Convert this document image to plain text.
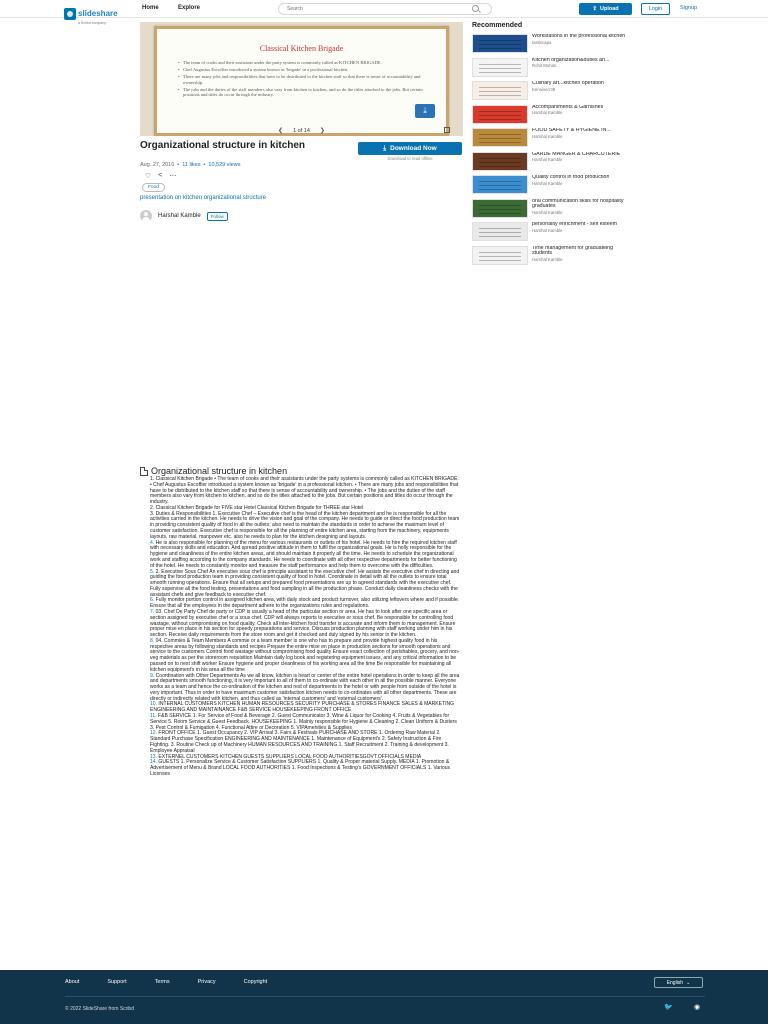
slideshare
a Scribd company
Home	Explore
Search	⇪ Upload	Login	Signup
Classical Kitchen Brigade
• The team of cooks and their assistants under the party system is commonly called as KITCHEN BRIGADE.
• Chef Augustus Escoffier introduced a system known as 'brigade' in a professional kitchen.
• There are many jobs and responsibilities that have to be distributed to the kitchen staff so that there is sense of accountability and ownership.
• The jobs and the duties of the staff members also vary from kitchen to kitchen, and so do the titles attached to the jobs. But certain positions and titles do occur through the industry.
⤓
❮ 1 of 14 ❯
Organizational structure in kitchen
Aug. 27, 2016 • 11 likes • 10,529 views
⤓ Download Now
Download to read offline
♡ < ⋯
Food
presentation on kitchen organizational structure
Harshal Kamble	Follow
Recommended
Workstations in the professional kitchen
tastiscapa
Kitchen organization&duties an...
Rohit Mohan
Culinary art...kitchen operation
Kenniverr39
Accompaniments & Garnishes
Harshal Kamble
FOOD SAFETY & HYGIENE IN...
Harshal Kamble
GARDE MANGER & CHARCUTERIE
Harshal Kamble
Quality control in food production
Harshal Kamble
oral communication skills for hospitality graduates
Harshal Kamble
personality enrichment - self esteem
Harshal Kamble
Time management for graduateing students
Harshal Kamble
Organizational structure in kitchen

1. Classical Kitchen Brigade • The team of cooks and their assistants under the party systems is commonly called as KITCHEN BRIGADE. • Chef Augustus Escoffier introduced a system known as 'brigade' in a professional kitchen. • There are many jobs and responsibilities that have to be distributed to the kitchen staff so that there is sense of accountability and ownership. • The jobs and the duties of the staff members also vary from kitchen to kitchen, and so do the titles attached to the jobs. But certain positions and titles do occur through the industry.

2. Classical Kitchen Brigade for FIVE star Hotel Classical Kitchen Brigade for THREE star Hotel

3. Duties & Responsibilities 1. Executive Chef – Executive chef is the head of the kitchen department and he is responsible for all the activities carried in the kitchen. He needs to drive the vision and goal of the company. He needs to guide or direct the food production team in providing consistent quality of food in all the outlets; also need to maintain the standards in order to achieve the maximum level of customer satisfaction. Executive chef is responsible for all the planning of entire kitchen area, starting from the machinery, equipments layouts, raw material, manpower etc. also he needs to plan for the kitchen designing and layouts.

4. He is also responsible for planning of the menu for various restaurants or outlets of his hotel. He needs to hire the required kitchen staff with necessary skills and education. And spread positive attitude in them to fulfil the organizational goals. He is holly responsible for the hygiene and cleanliness of the entire kitchen areas, and should maintain it properly all the time. He needs to schedule the organizational work and staffing according to the company standards. He needs to coordinate with all other respective departments for better functioning of the hotel. He needs to constantly monitor and measure the staff performance and help them to overcome with the difficulties.

5. 2. Executive Sous Chef An executive sous chef is principle assistant to the executive chef. He assists the executive chef in directing and guiding the food production team in providing consistent quality of food in hotel. Coordinate in detail with all the outlets to ensure total smooth running operations. Ensure that all setups and prepared food presentations are up to agreed standards with the executive chef. Fully supervise all the food testing, presentations and food sampling in all the production phase. Conduct daily cleanliness checks with the assistant chefs and give feedback to executive chef.

6. Fully monitor portion control in assigned kitchen area, with daily stock and product turnover, also utilizing leftovers where and if possible. Ensure that all the employees in the department adhere to the organizations rules and regulations.

7. 03. Chef De Party Chef de party or CDP is usually a head of the particular section or area. He has to look after one specific area or section assigned by executive chef or a sous chef. CDP will always reports to executive or sous chef. Be responsible for controlling food wastage, without compromising on food quality. Check all inter-kitchen food transfer is accurate and inform them to management. Ensure proper mise en place in his section for speedy preparations and service. Discuss production planning with staff working under him in his section. Receive daily requirements from the store room and get it checked and duly signed by his senior in the kitchen.

8. 04. Commies & Team Members A commie or a team member is one who has to prepare and provide highest quality food in his respective areas by following standards and recipes Prepare the entire mise en place in production sections for smooth operations and service to the customers Control food wastage without compromising food quality Ensure exact collection of perishables, grocery, and non-veg materials as per the storeroom requisition Maintain daily log book and registering equipment issues, and any critical information to be passed on to next shift worker Ensure hygiene and proper cleanliness of his working area all the time Be responsible for maintaining all kitchen equipment's in his area all the time

9. Coordination with Other Departments As we all know, kitchen is heart or center of the entire hotel operations in order to keep all the area and departments smooth functioning, it is very important to all of them to co-ordinate with each other in all the possible manner. Everyone works as a team and hence the co-ordination of the kitchen and rest of departments in the hotel or with people from outside of the hotel is very important. Thus in order to have maximum customer satisfaction kitchen needs to co-ordinates with all other departments. These are directly or indirectly related with kitchen, and thus called as 'internal customers' and 'external customers'.

10. INTERNAL CUSTOMERS KITCHEN HUMAN RESOURCES SECURITY PURCHASE & STORES FINANCE SALES & MARKETING ENGINEERING AND MAINTAINANCE F&B SERVICE HOUSEKEEPING FRONT OFFICE

11. F&B SERVICE 1. For Service of Food & Beverage 2. Guest Communicator 3. Wine & Liquor for Cooking 4. Fruits & Vegetables for Service 5. Room Service & Guest Feedback. HOUSEKEEPING 1. Mainly responsible for Hygiene & Cleaning 2. Clean Uniform & Dusters 3. Pest Control & Fumigation 4. Functional Attire or Decoration 5. VIPAmenities & Supplies

12. FRONT OFFICE 1. Guest Occupancy 2. VIP Arrival 3. Fairs & Festivals PURCHASE AND STORE 1. Ordering Raw Material 2. Standard Purchase Specification ENGINEERING AND MAINTENANCE 1. Maintenance of Equipment's 2. Safety Instruction & Fire Fighting. 3. Routine Check up of Machinery HUMAN RESOURCES AND TRAINING 1. Staff Recruitment 2. Training & development 3. Employee Appraisal

13. EXTERNEL CUSTOMERS KITCHEN GUESTS SUPPLIERS LOCAL FOOD AUTHORITIESGOVT.OFFICIALS MEDIA

14. GUESTS 1. Personalize Service & Customer Satisfaction SUPPLIERS 1. Quality & Proper material Supply. MEDIA 1. Promotion & Advertisement of Menu & Brand LOCAL FOOD AUTHORITIES 1. Food Inspections & Testing's GOVERNMENT OFFICIALS 1. Various Licenses

About	Support	Terms	Privacy	Copyright	English ⌄
© 2022 SlideShare from Scribd	🐦	◉
